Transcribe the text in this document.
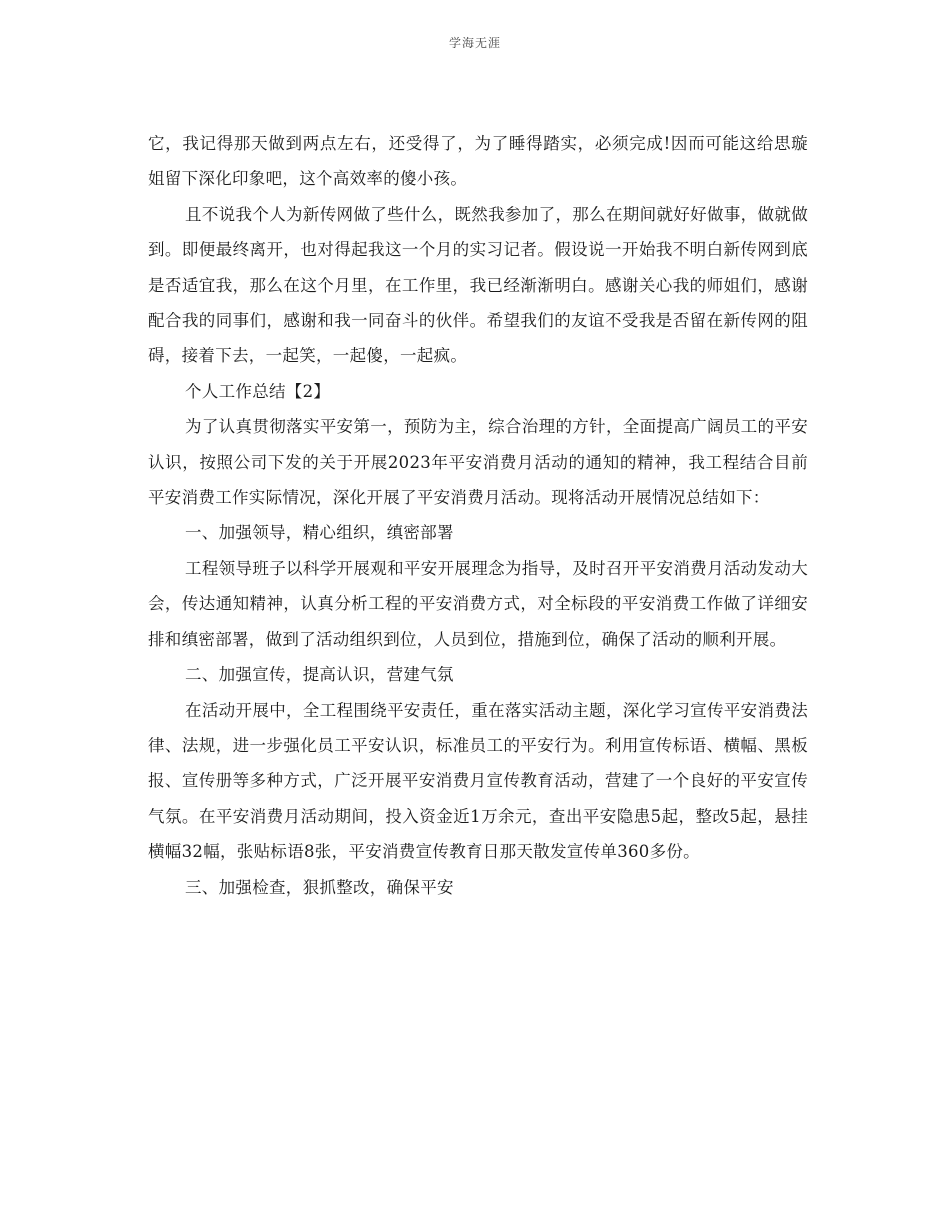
学海无涯

它，我记得那天做到两点左右，还受得了，为了睡得踏实，必须完成!因而可能这给思璇姐留下深化印象吧，这个高效率的傻小孩。

且不说我个人为新传网做了些什么，既然我参加了，那么在期间就好好做事，做就做到。即便最终离开，也对得起我这一个月的实习记者。假设说一开始我不明白新传网到底是否适宜我，那么在这个月里，在工作里，我已经渐渐明白。感谢关心我的师姐们，感谢配合我的同事们，感谢和我一同奋斗的伙伴。希望我们的友谊不受我是否留在新传网的阻碍，接着下去，一起笑，一起傻，一起疯。

个人工作总结【2】

为了认真贯彻落实平安第一，预防为主，综合治理的方针，全面提高广阔员工的平安认识，按照公司下发的关于开展2023年平安消费月活动的通知的精神，我工程结合目前平安消费工作实际情况，深化开展了平安消费月活动。现将活动开展情况总结如下：

一、加强领导，精心组织，缜密部署

工程领导班子以科学开展观和平安开展理念为指导，及时召开平安消费月活动发动大会，传达通知精神，认真分析工程的平安消费方式，对全标段的平安消费工作做了详细安排和缜密部署，做到了活动组织到位，人员到位，措施到位，确保了活动的顺利开展。

二、加强宣传，提高认识，营建气氛

在活动开展中，全工程围绕平安责任，重在落实活动主题，深化学习宣传平安消费法律、法规，进一步强化员工平安认识，标准员工的平安行为。利用宣传标语、横幅、黑板报、宣传册等多种方式，广泛开展平安消费月宣传教育活动，营建了一个良好的平安宣传气氛。在平安消费月活动期间，投入资金近1万余元，查出平安隐患5起，整改5起，悬挂横幅32幅，张贴标语8张，平安消费宣传教育日那天散发宣传单360多份。

三、加强检查，狠抓整改，确保平安
